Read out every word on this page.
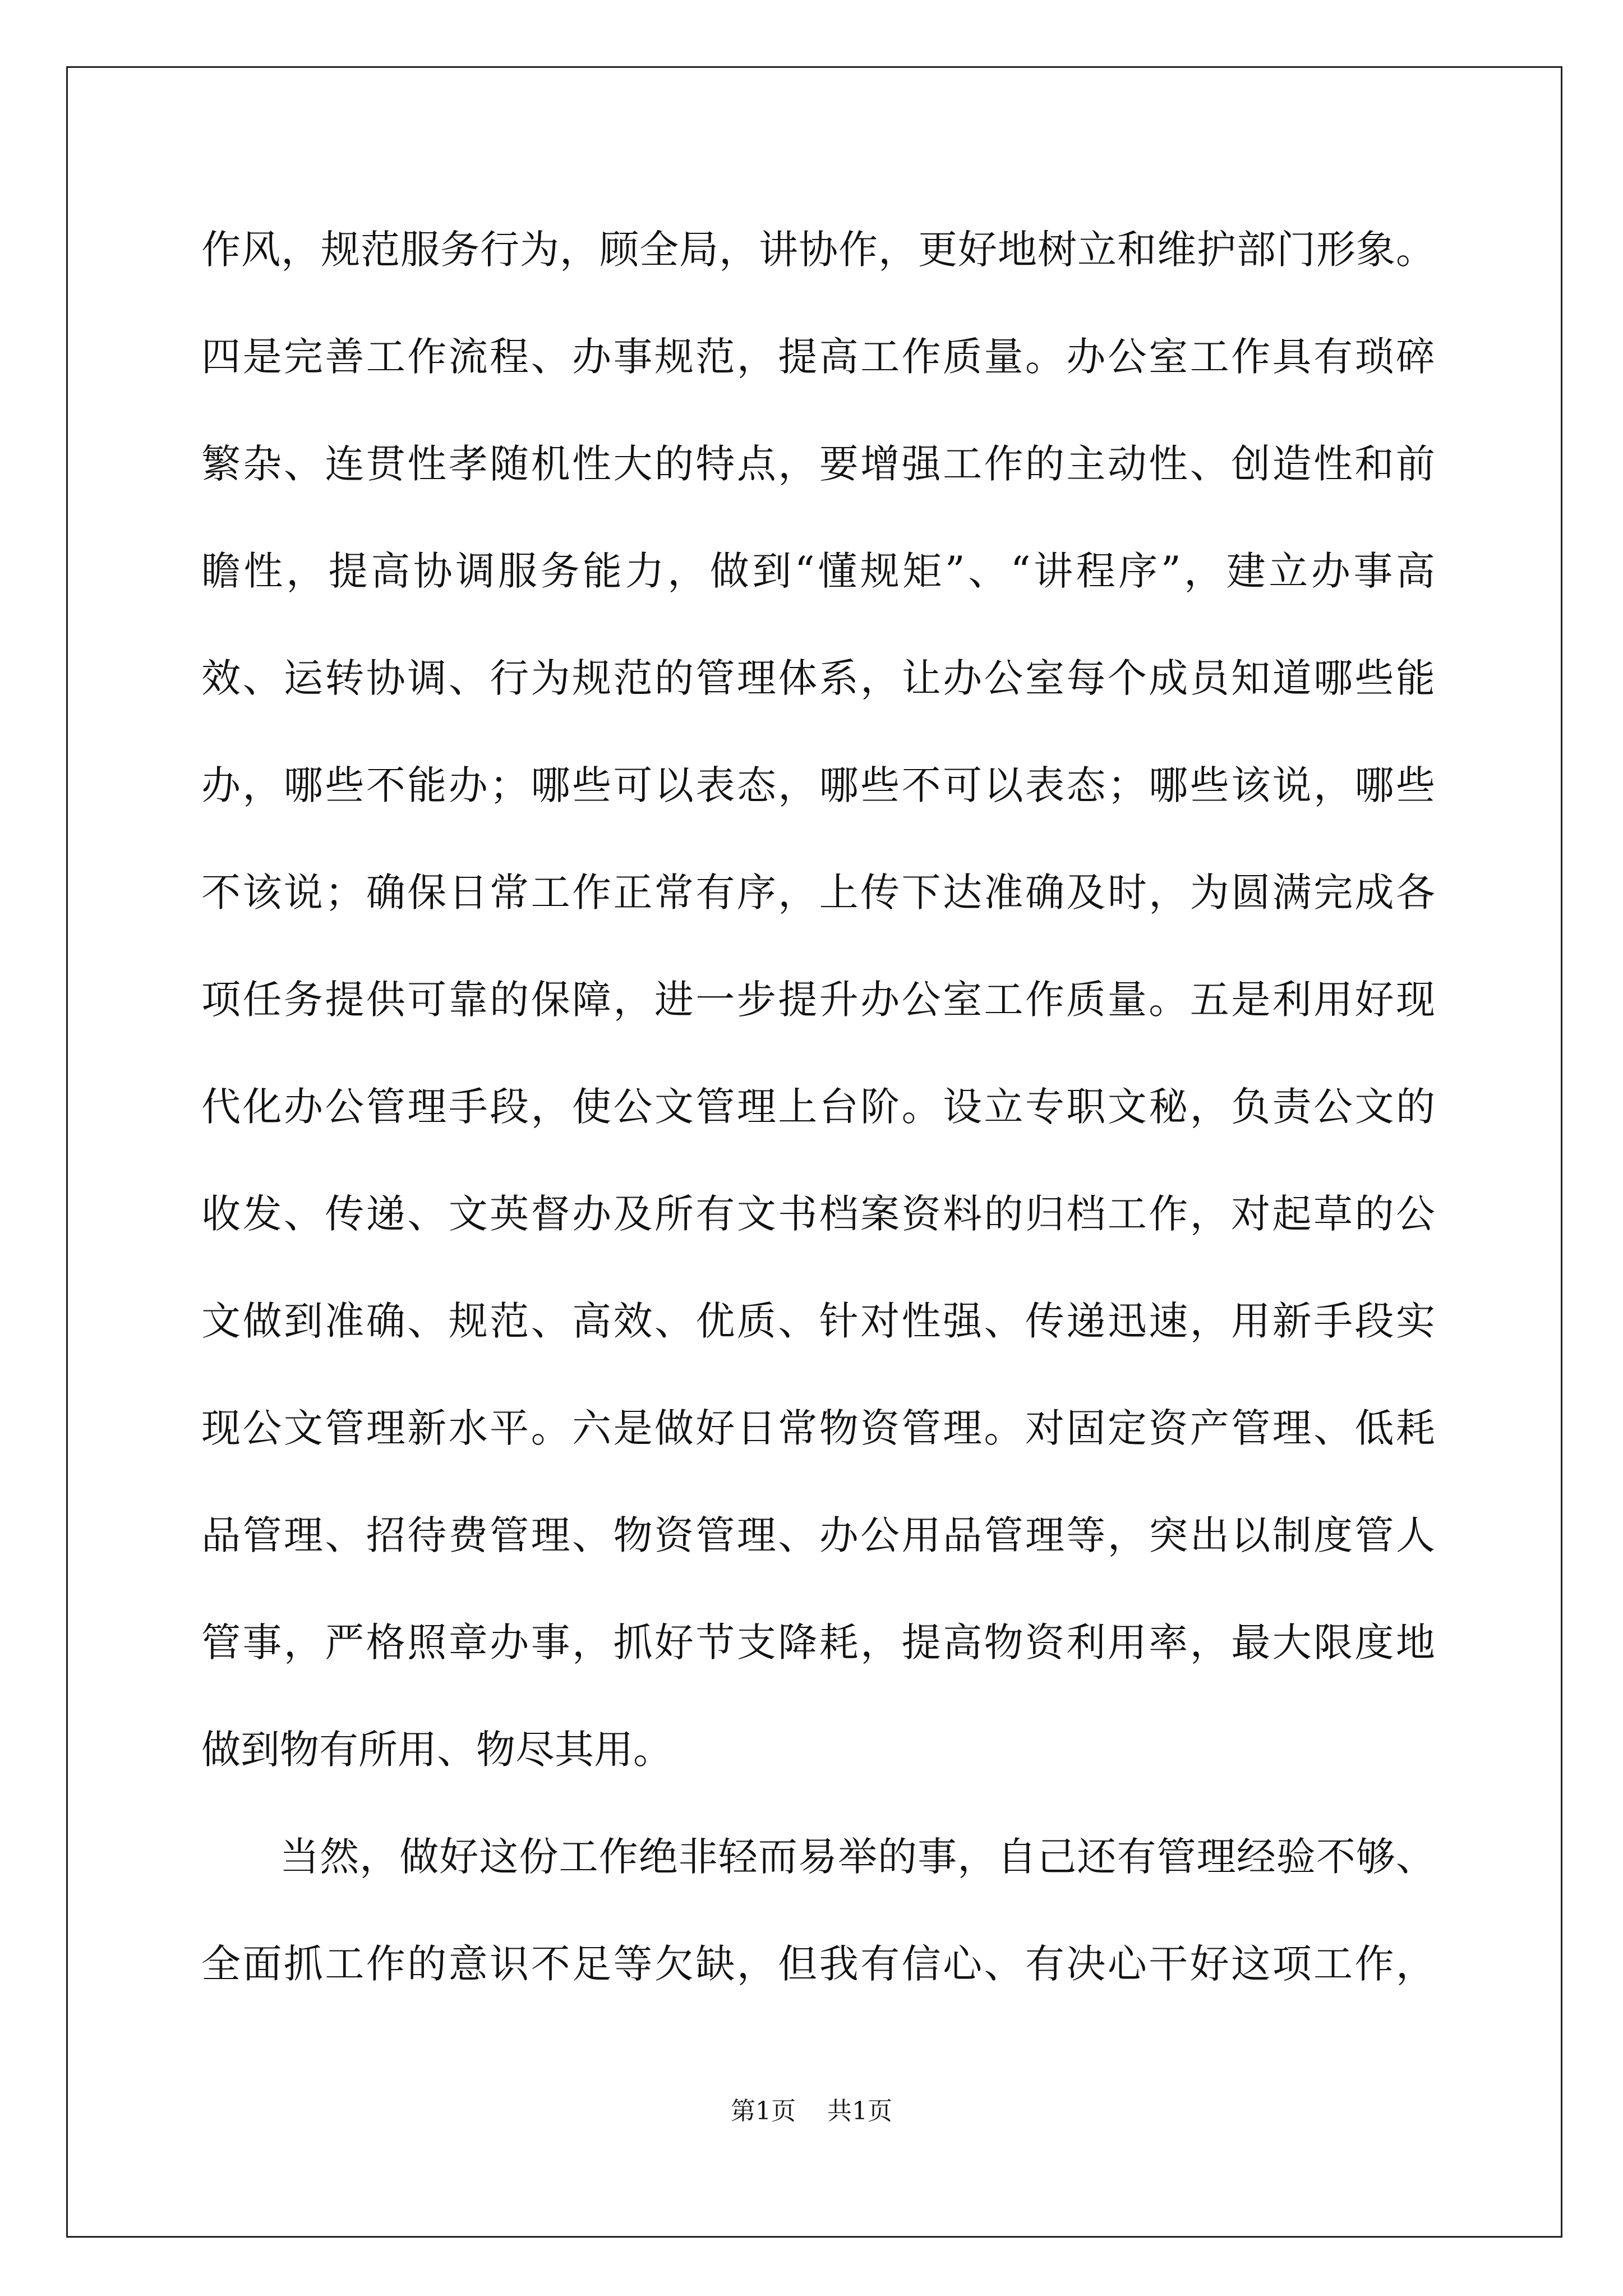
作风，规范服务行为，顾全局，讲协作，更好地树立和维护部门形象。
四是完善工作流程、办事规范，提高工作质量。办公室工作具有琐碎
繁杂、连贯性孝随机性大的特点，要增强工作的主动性、创造性和前
瞻性，提高协调服务能力，做到“懂规矩”、“讲程序”，建立办事高
效、运转协调、行为规范的管理体系，让办公室每个成员知道哪些能
办，哪些不能办；哪些可以表态，哪些不可以表态；哪些该说，哪些
不该说；确保日常工作正常有序，上传下达准确及时，为圆满完成各
项任务提供可靠的保障，进一步提升办公室工作质量。五是利用好现
代化办公管理手段，使公文管理上台阶。设立专职文秘，负责公文的
收发、传递、文英督办及所有文书档案资料的归档工作，对起草的公
文做到准确、规范、高效、优质、针对性强、传递迅速，用新手段实
现公文管理新水平。六是做好日常物资管理。对固定资产管理、低耗
品管理、招待费管理、物资管理、办公用品管理等，突出以制度管人
管事，严格照章办事，抓好节支降耗，提高物资利用率，最大限度地
做到物有所用、物尽其用。
当然，做好这份工作绝非轻而易举的事，自己还有管理经验不够、
全面抓工作的意识不足等欠缺，但我有信心、有决心干好这项工作，
第1页 共1页
